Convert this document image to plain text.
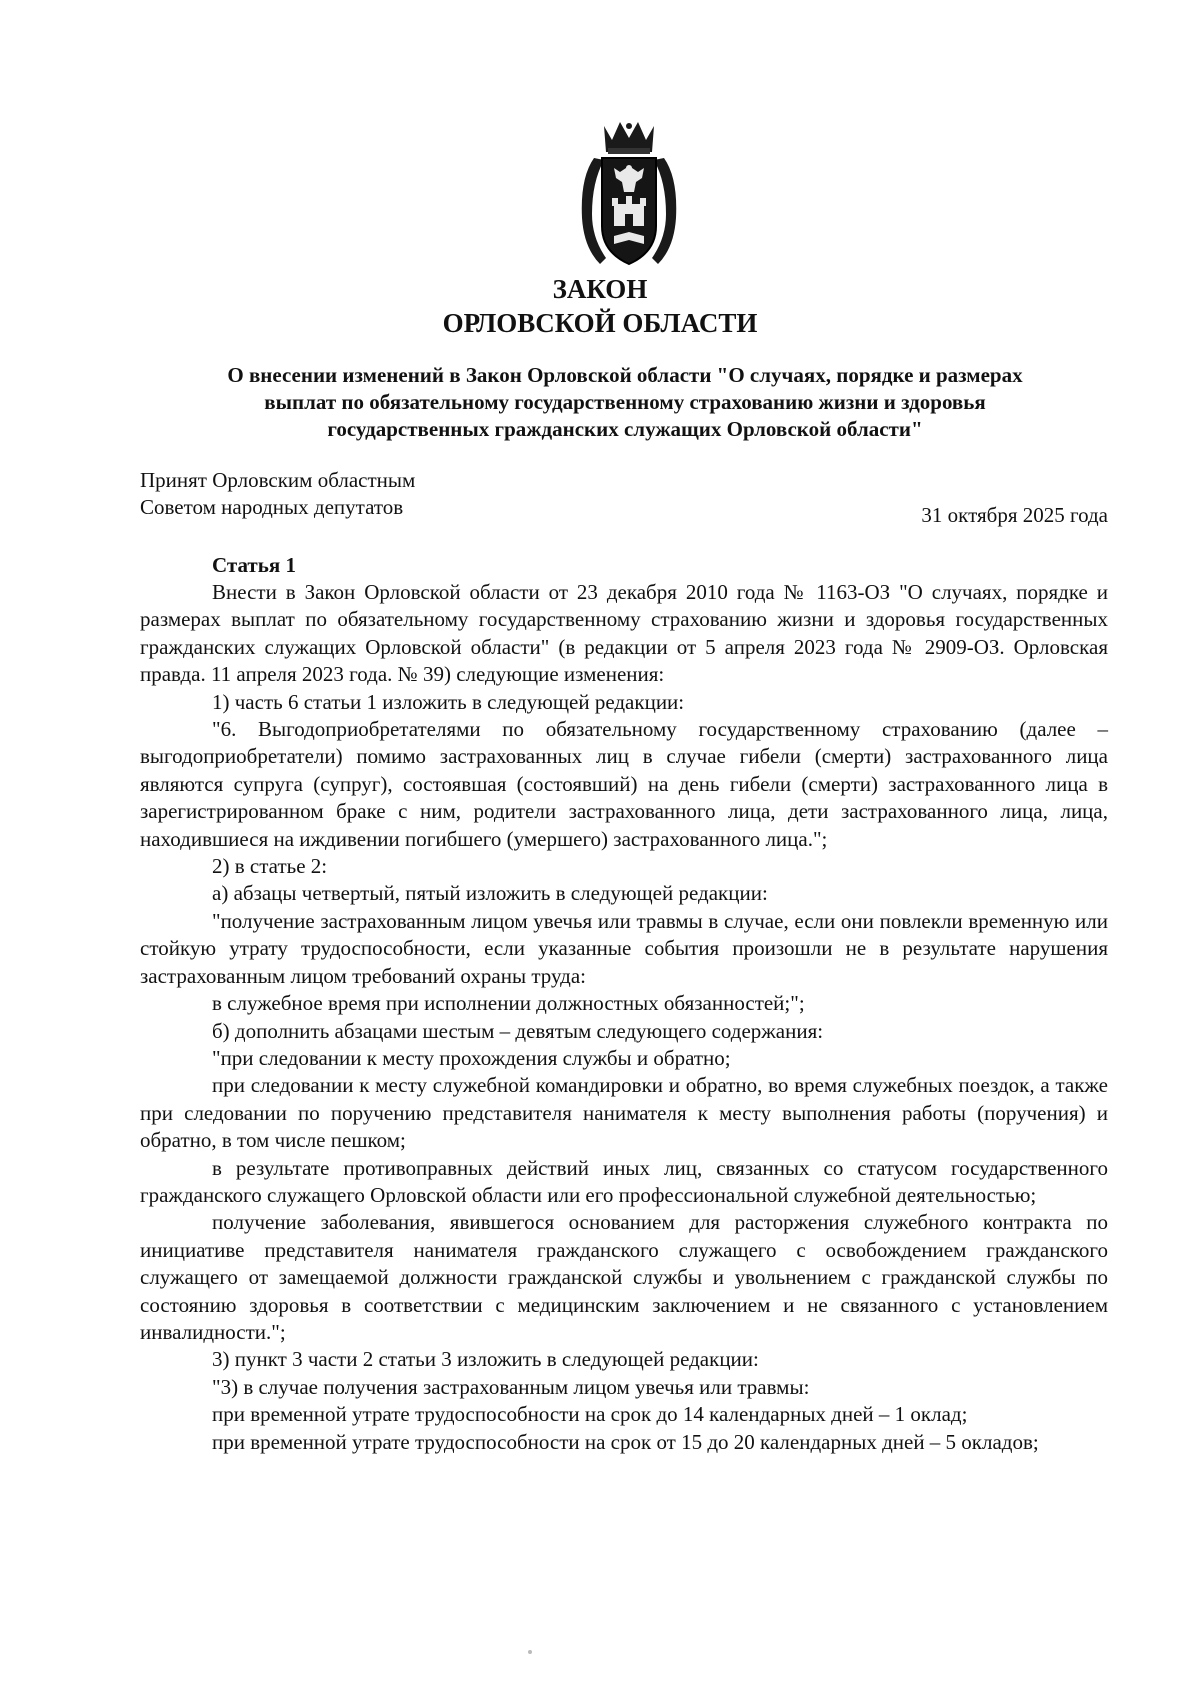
ЗАКОН
ОРЛОВСКОЙ ОБЛАСТИ
О внесении изменений в Закон Орловской области "О случаях, порядке и размерах
выплат по обязательному государственному страхованию жизни и здоровья
государственных гражданских служащих Орловской области"
Принят Орловским областным
Советом народных депутатов	31 октября 2025 года
Статья 1

Внести в Закон Орловской области от 23 декабря 2010 года № 1163-ОЗ "О случаях, порядке и размерах выплат по обязательному государственному страхованию жизни и здоровья государственных гражданских служащих Орловской области" (в редакции от 5 апреля 2023 года № 2909-ОЗ. Орловская правда. 11 апреля 2023 года. № 39) следующие изменения:

1) часть 6 статьи 1 изложить в следующей редакции:

"6. Выгодоприобретателями по обязательному государственному страхованию (далее – выгодоприобретатели) помимо застрахованных лиц в случае гибели (смерти) застрахованного лица являются супруга (супруг), состоявшая (состоявший) на день гибели (смерти) застрахованного лица в зарегистрированном браке с ним, родители застрахованного лица, дети застрахованного лица, лица, находившиеся на иждивении погибшего (умершего) застрахованного лица.";

2) в статье 2:

а) абзацы четвертый, пятый изложить в следующей редакции:

"получение застрахованным лицом увечья или травмы в случае, если они повлекли временную или стойкую утрату трудоспособности, если указанные события произошли не в результате нарушения застрахованным лицом требований охраны труда:

в служебное время при исполнении должностных обязанностей;";

б) дополнить абзацами шестым – девятым следующего содержания:

"при следовании к месту прохождения службы и обратно;

при следовании к месту служебной командировки и обратно, во время служебных поездок, а также при следовании по поручению представителя нанимателя к месту выполнения работы (поручения) и обратно, в том числе пешком;

в результате противоправных действий иных лиц, связанных со статусом государственного гражданского служащего Орловской области или его профессиональной служебной деятельностью;

получение заболевания, явившегося основанием для расторжения служебного контракта по инициативе представителя нанимателя гражданского служащего с освобождением гражданского служащего от замещаемой должности гражданской службы и увольнением с гражданской службы по состоянию здоровья в соответствии с медицинским заключением и не связанного с установлением инвалидности.";

3) пункт 3 части 2 статьи 3 изложить в следующей редакции:

"3) в случае получения застрахованным лицом увечья или травмы:

при временной утрате трудоспособности на срок до 14 календарных дней – 1 оклад;

при временной утрате трудоспособности на срок от 15 до 20 календарных дней – 5 окладов;
